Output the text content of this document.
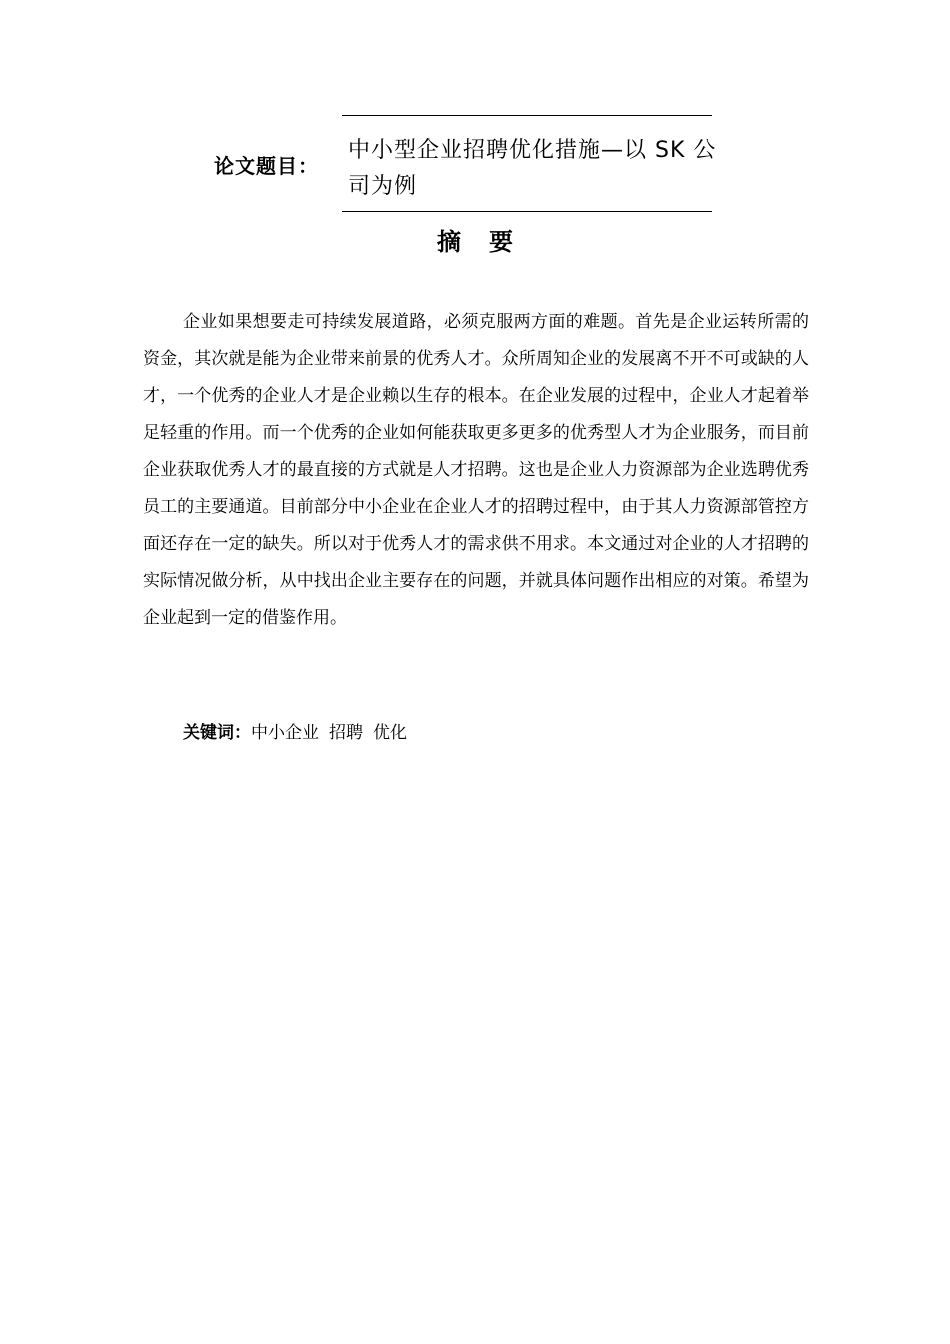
论文题目：
中小型企业招聘优化措施—以 SK 公司为例
摘要
企业如果想要走可持续发展道路，必须克服两方面的难题。首先是企业运转所需的资金，其次就是能为企业带来前景的优秀人才。众所周知企业的发展离不开不可或缺的人才，一个优秀的企业人才是企业赖以生存的根本。在企业发展的过程中，企业人才起着举足轻重的作用。而一个优秀的企业如何能获取更多更多的优秀型人才为企业服务，而目前企业获取优秀人才的最直接的方式就是人才招聘。这也是企业人力资源部为企业选聘优秀员工的主要通道。目前部分中小企业在企业人才的招聘过程中，由于其人力资源部管控方面还存在一定的缺失。所以对于优秀人才的需求供不用求。本文通过对企业的人才招聘的实际情况做分析，从中找出企业主要存在的问题，并就具体问题作出相应的对策。希望为企业起到一定的借鉴作用。
关键词：中小企业 招聘 优化
